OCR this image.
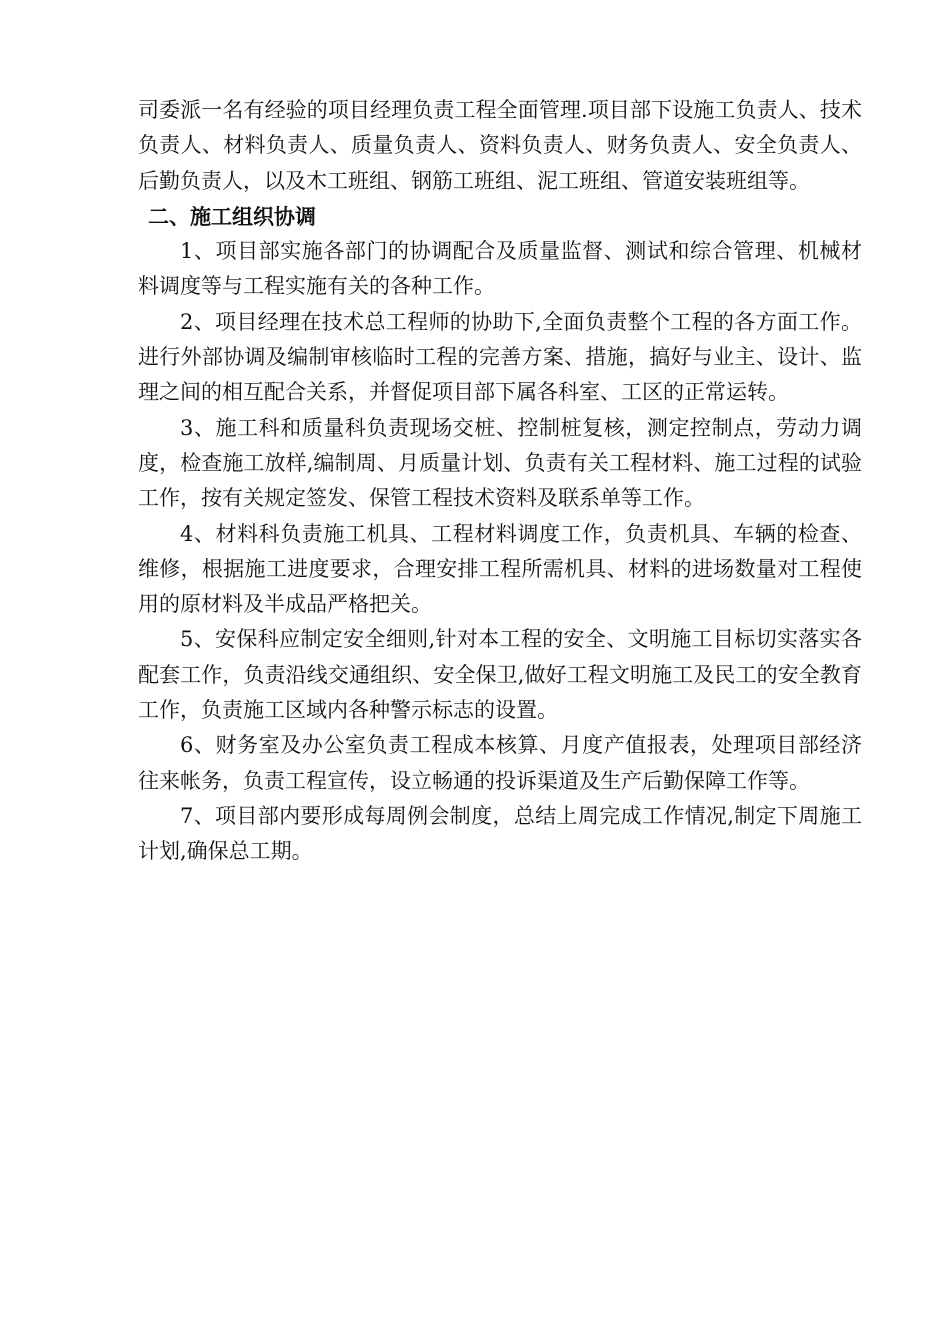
司委派一名有经验的项目经理负责工程全面管理.项目部下设施工负责人、技术负责人、材料负责人、质量负责人、资料负责人、财务负责人、安全负责人、后勤负责人，以及木工班组、钢筋工班组、泥工班组、管道安装班组等。

二、施工组织协调

1、项目部实施各部门的协调配合及质量监督、测试和综合管理、机械材料调度等与工程实施有关的各种工作。

2、项目经理在技术总工程师的协助下,全面负责整个工程的各方面工作。进行外部协调及编制审核临时工程的完善方案、措施，搞好与业主、设计、监理之间的相互配合关系，并督促项目部下属各科室、工区的正常运转。

3、施工科和质量科负责现场交桩、控制桩复核，测定控制点，劳动力调度，检查施工放样,编制周、月质量计划、负责有关工程材料、施工过程的试验工作，按有关规定签发、保管工程技术资料及联系单等工作。

4、材料科负责施工机具、工程材料调度工作，负责机具、车辆的检查、维修，根据施工进度要求，合理安排工程所需机具、材料的进场数量对工程使用的原材料及半成品严格把关。

5、安保科应制定安全细则,针对本工程的安全、文明施工目标切实落实各配套工作，负责沿线交通组织、安全保卫,做好工程文明施工及民工的安全教育工作，负责施工区域内各种警示标志的设置。

6、财务室及办公室负责工程成本核算、月度产值报表，处理项目部经济往来帐务，负责工程宣传，设立畅通的投诉渠道及生产后勤保障工作等。

7、项目部内要形成每周例会制度，总结上周完成工作情况,制定下周施工计划,确保总工期。
